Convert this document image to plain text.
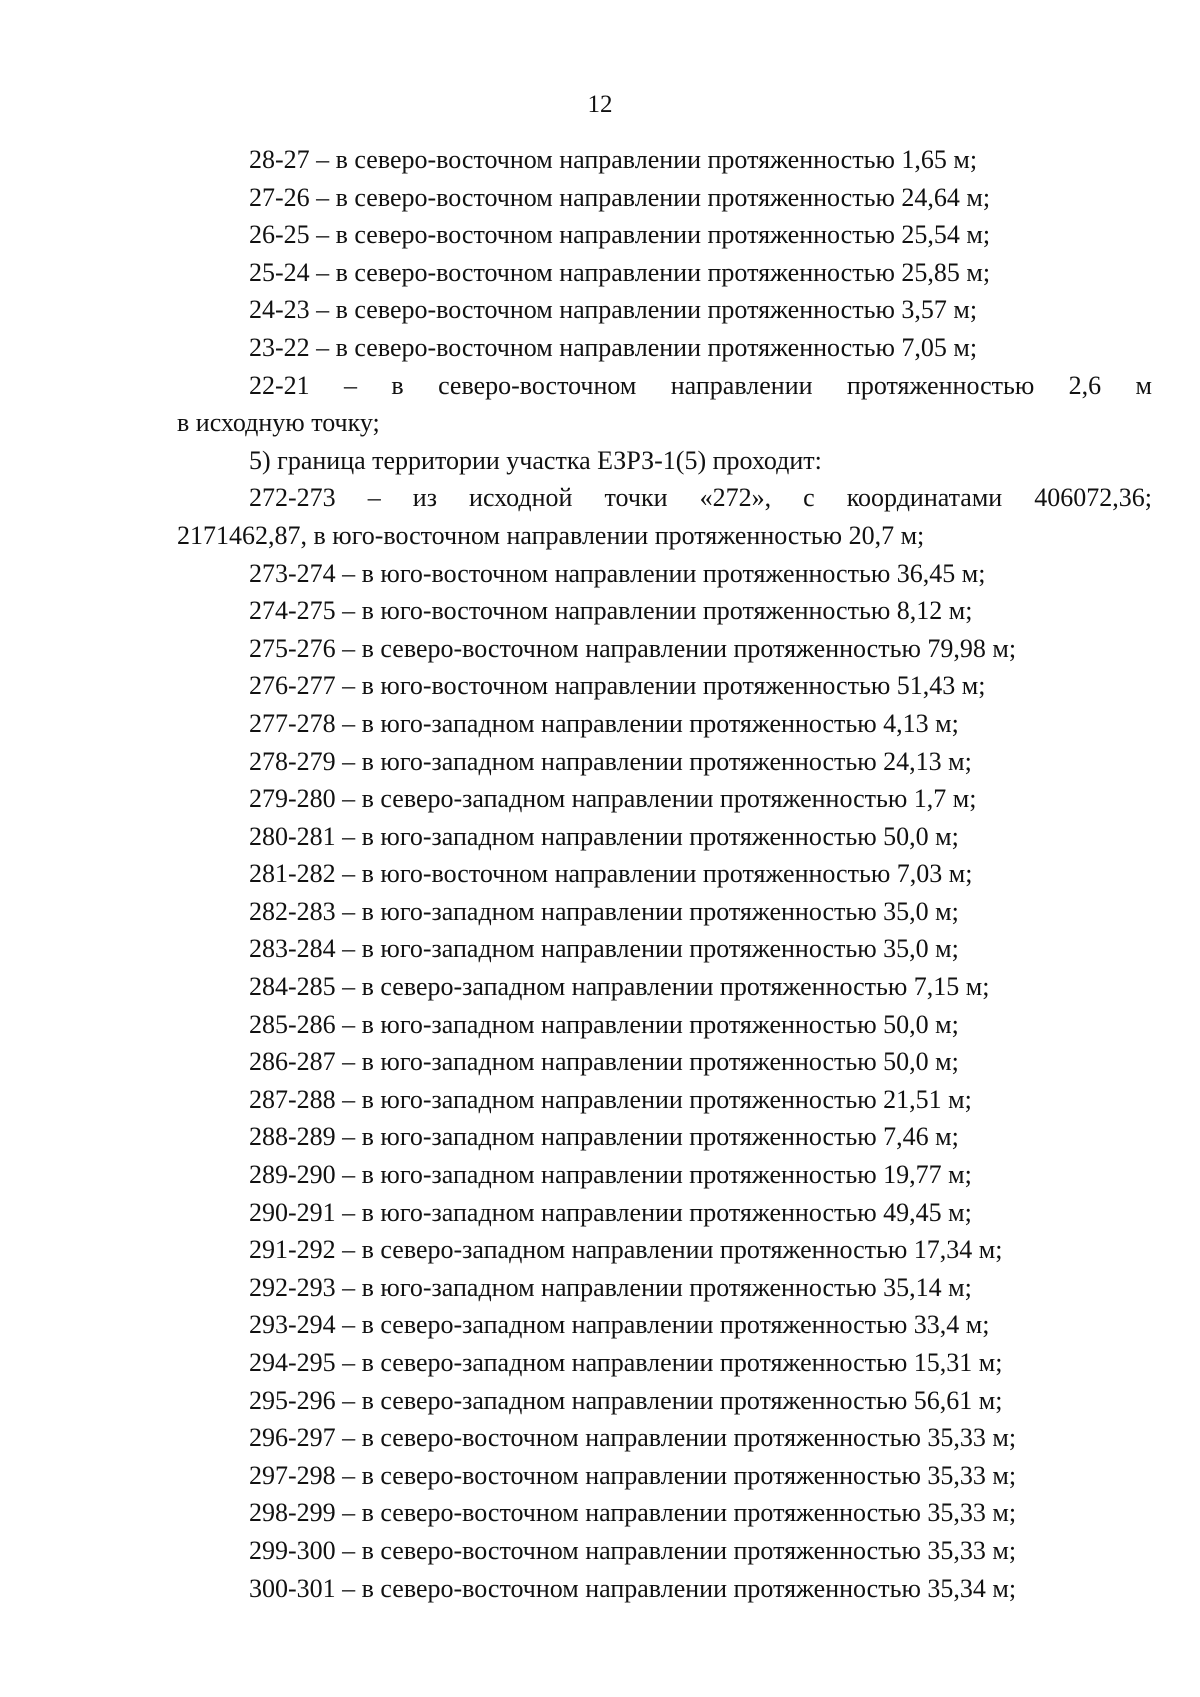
12
28-27 – в северо-восточном направлении протяженностью 1,65 м;
27-26 – в северо-восточном направлении протяженностью 24,64 м;
26-25 – в северо-восточном направлении протяженностью 25,54 м;
25-24 – в северо-восточном направлении протяженностью 25,85 м;
24-23 – в северо-восточном направлении протяженностью 3,57 м;
23-22 – в северо-восточном направлении протяженностью 7,05 м;
22-21 – в северо-восточном направлении протяженностью 2,6 м
в исходную точку;
5) граница территории участка ЕЗРЗ-1(5) проходит:
272-273 – из исходной точки «272», с координатами 406072,36;
2171462,87, в юго-восточном направлении протяженностью 20,7 м;
273-274 – в юго-восточном направлении протяженностью 36,45 м;
274-275 – в юго-восточном направлении протяженностью 8,12 м;
275-276 – в северо-восточном направлении протяженностью 79,98 м;
276-277 – в юго-восточном направлении протяженностью 51,43 м;
277-278 – в юго-западном направлении протяженностью 4,13 м;
278-279 – в юго-западном направлении протяженностью 24,13 м;
279-280 – в северо-западном направлении протяженностью 1,7 м;
280-281 – в юго-западном направлении протяженностью 50,0 м;
281-282 – в юго-восточном направлении протяженностью 7,03 м;
282-283 – в юго-западном направлении протяженностью 35,0 м;
283-284 – в юго-западном направлении протяженностью 35,0 м;
284-285 – в северо-западном направлении протяженностью 7,15 м;
285-286 – в юго-западном направлении протяженностью 50,0 м;
286-287 – в юго-западном направлении протяженностью 50,0 м;
287-288 – в юго-западном направлении протяженностью 21,51 м;
288-289 – в юго-западном направлении протяженностью 7,46 м;
289-290 – в юго-западном направлении протяженностью 19,77 м;
290-291 – в юго-западном направлении протяженностью 49,45 м;
291-292 – в северо-западном направлении протяженностью 17,34 м;
292-293 – в юго-западном направлении протяженностью 35,14 м;
293-294 – в северо-западном направлении протяженностью 33,4 м;
294-295 – в северо-западном направлении протяженностью 15,31 м;
295-296 – в северо-западном направлении протяженностью 56,61 м;
296-297 – в северо-восточном направлении протяженностью 35,33 м;
297-298 – в северо-восточном направлении протяженностью 35,33 м;
298-299 – в северо-восточном направлении протяженностью 35,33 м;
299-300 – в северо-восточном направлении протяженностью 35,33 м;
300-301 – в северо-восточном направлении протяженностью 35,34 м;
